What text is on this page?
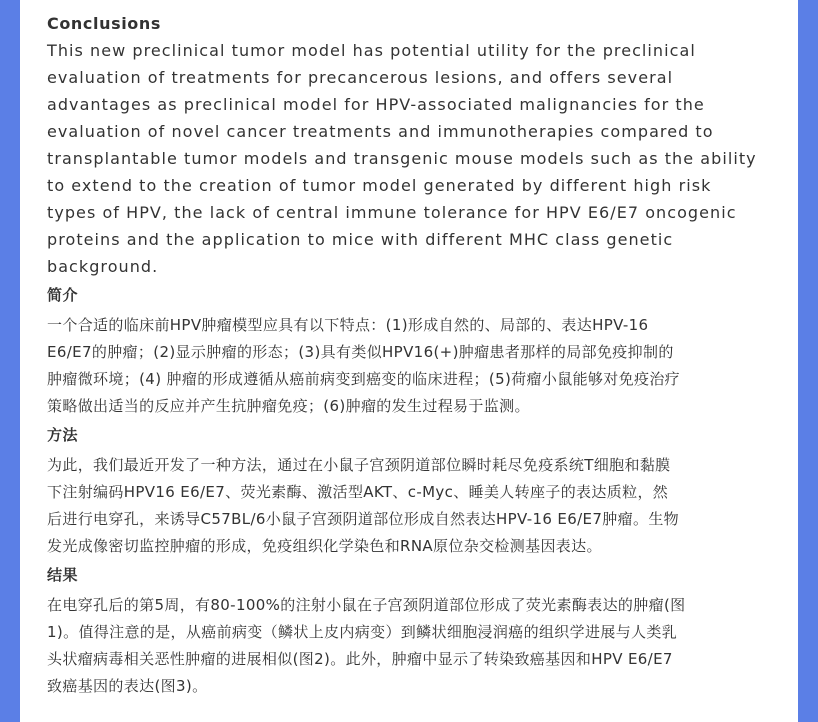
Conclusions

This new preclinical tumor model has potential utility for the preclinical
evaluation of treatments for precancerous lesions, and offers several
advantages as preclinical model for HPV-associated malignancies for the
evaluation of novel cancer treatments and immunotherapies compared to
transplantable tumor models and transgenic mouse models such as the ability
to extend to the creation of tumor model generated by different high risk
types of HPV, the lack of central immune tolerance for HPV E6/E7 oncogenic
proteins and the application to mice with different MHC class genetic
background.

简介

一个合适的临床前HPV肿瘤模型应具有以下特点：(1)形成自然的、局部的、表达HPV-16
E6/E7的肿瘤；(2)显示肿瘤的形态；(3)具有类似HPV16(+)肿瘤患者那样的局部免疫抑制的
肿瘤微环境；(4) 肿瘤的形成遵循从癌前病变到癌变的临床进程；(5)荷瘤小鼠能够对免疫治疗
策略做出适当的反应并产生抗肿瘤免疫；(6)肿瘤的发生过程易于监测。

方法

为此，我们最近开发了一种方法，通过在小鼠子宫颈阴道部位瞬时耗尽免疫系统T细胞和黏膜
下注射编码HPV16 E6/E7、荧光素酶、激活型AKT、c-Myc、睡美人转座子的表达质粒，然
后进行电穿孔，来诱导C57BL/6小鼠子宫颈阴道部位形成自然表达HPV-16 E6/E7肿瘤。生物
发光成像密切监控肿瘤的形成，免疫组织化学染色和RNA原位杂交检测基因表达。

结果

在电穿孔后的第5周，有80-100%的注射小鼠在子宫颈阴道部位形成了荧光素酶表达的肿瘤(图
1)。值得注意的是，从癌前病变（鳞状上皮内病变）到鳞状细胞浸润癌的组织学进展与人类乳
头状瘤病毒相关恶性肿瘤的进展相似(图2)。此外，肿瘤中显示了转染致癌基因和HPV E6/E7
致癌基因的表达(图3)。
